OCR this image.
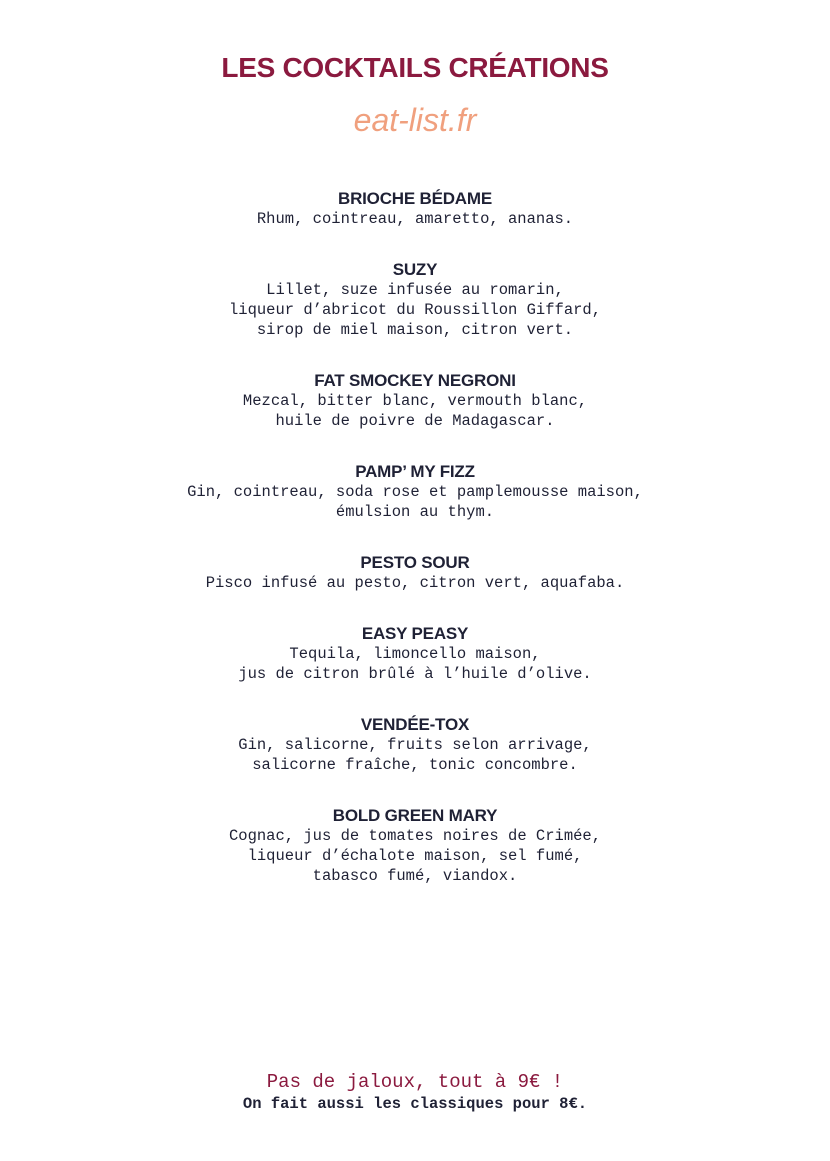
LES COCKTAILS CRÉATIONS
eat-list.fr
BRIOCHE BÉDAME
Rhum, cointreau, amaretto, ananas.
SUZY
Lillet, suze infusée au romarin,
liqueur d’abricot du Roussillon Giffard,
sirop de miel maison, citron vert.
FAT SMOCKEY NEGRONI
Mezcal, bitter blanc, vermouth blanc,
huile de poivre de Madagascar.
PAMP’ MY FIZZ
Gin, cointreau, soda rose et pamplemousse maison,
émulsion au thym.
PESTO SOUR
Pisco infusé au pesto, citron vert, aquafaba.
EASY PEASY
Tequila, limoncello maison,
jus de citron brûlé à l’huile d’olive.
VENDÉE-TOX
Gin, salicorne, fruits selon arrivage,
salicorne fraîche, tonic concombre.
BOLD GREEN MARY
Cognac, jus de tomates noires de Crimée,
liqueur d’échalote maison, sel fumé,
tabasco fumé, viandox.
Pas de jaloux, tout à 9€ !
On fait aussi les classiques pour 8€.
